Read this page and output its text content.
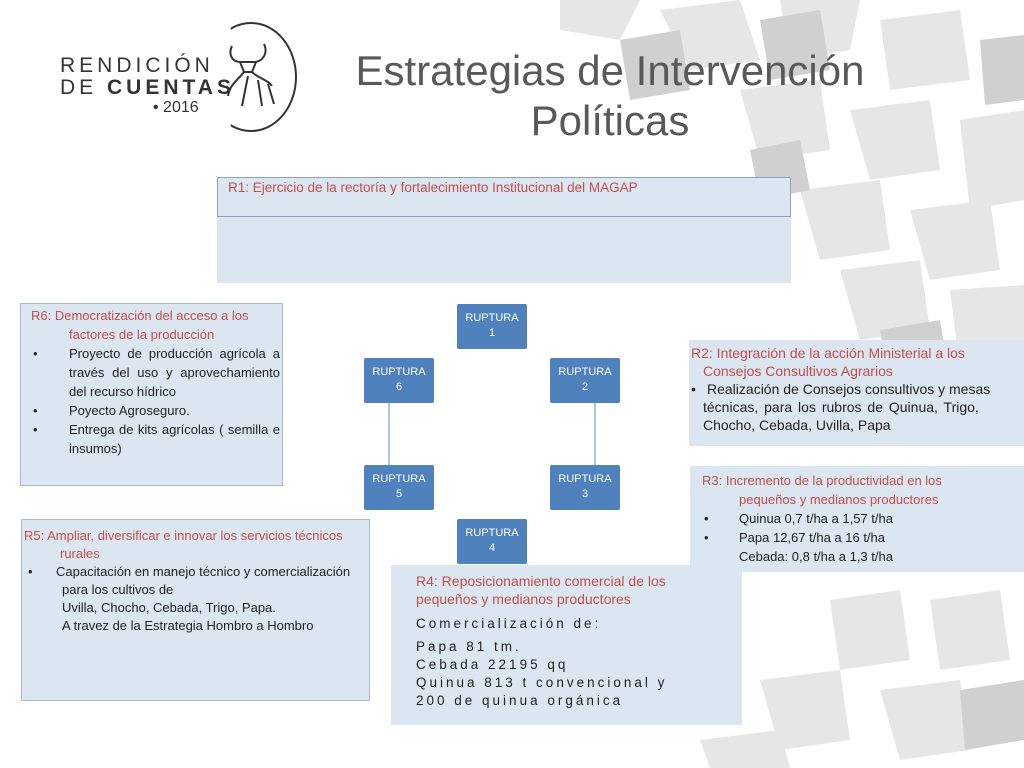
RENDICIÓN
DE CUENTAS
• 2016
Estrategias de Intervención
Políticas
R1: Ejercicio de la rectoría y fortalecimiento Institucional del MAGAP
R6: Democratización del acceso a los
factores de la producción
• Proyecto de producción agrícola a través del uso y aprovechamiento del recurso hídrico
• Poyecto Agroseguro.
• Entrega de kits agrícolas ( semilla e insumos)
R5: Ampliar, diversificar e innovar los servicios técnicos
rurales
• Capacitación en manejo técnico y comercialización
para los cultivos de
Uvilla, Chocho, Cebada, Trigo, Papa.
A travez de la Estrategia Hombro a Hombro
R4: Reposicionamiento comercial de los
pequeños y medianos productores
Comercialización de:
Papa 81 tm.
Cebada 22195 qq
Quinua 813 t convencional y
200 de quinua orgánica
R2: Integración de la acción Ministerial a los
Consejos Consultivos Agrarios
• Realización de Consejos consultivos y mesas
técnicas, para los rubros de Quinua, Trigo,
Chocho, Cebada, Uvilla, Papa
R3: Incremento de la productividad en los
pequeños y medianos productores
• Quinua 0,7 t/ha a 1,57 t/ha
• Papa 12,67 t/ha a 16 t/ha
Cebada: 0,8 t/ha a 1,3 t/ha
RUPTURA
1
RUPTURA
2
RUPTURA
3
RUPTURA
4
RUPTURA
5
RUPTURA
6
